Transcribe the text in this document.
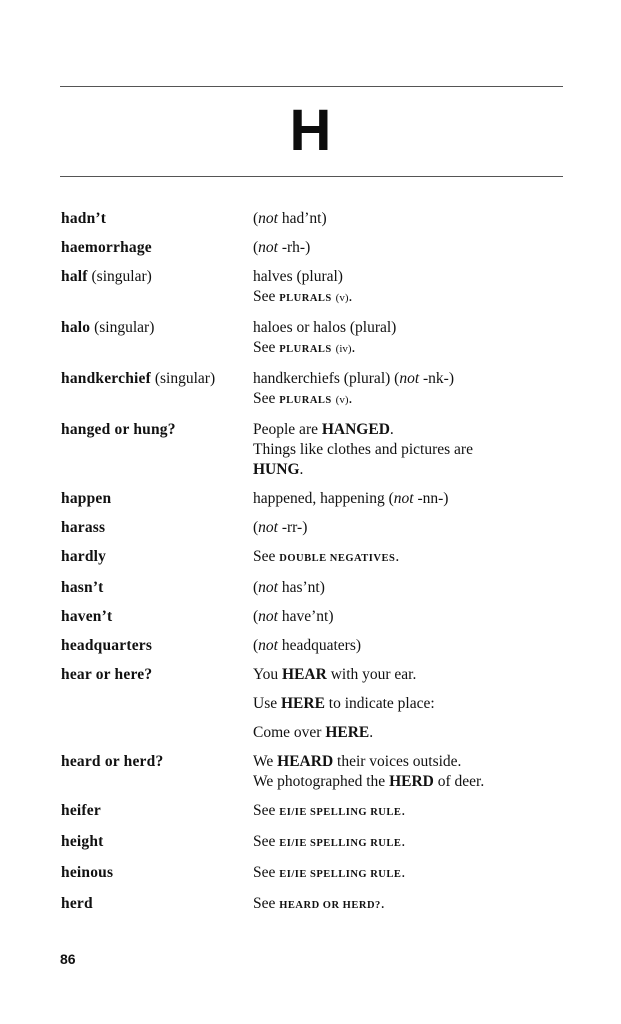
H
hadn’t	(not had’nt)
haemorrhage	(not -rh-)
half (singular)	halves (plural)
See PLURALS (v).
halo (singular)	haloes or halos (plural)
See PLURALS (iv).
handkerchief (singular)	handkerchiefs (plural) (not -nk-)
See PLURALS (v).
hanged or hung?	People are HANGED.
Things like clothes and pictures are
HUNG.
happen	happened, happening (not -nn-)
harass	(not -rr-)
hardly	See DOUBLE NEGATIVES.
hasn’t	(not has’nt)
haven’t	(not have’nt)
headquarters	(not headquaters)
hear or here?	You HEAR with your ear.
Use HERE to indicate place:
Come over HERE.
heard or herd?	We HEARD their voices outside.
We photographed the HERD of deer.
heifer	See EI/IE SPELLING RULE.
height	See EI/IE SPELLING RULE.
heinous	See EI/IE SPELLING RULE.
herd	See HEARD OR HERD?.
86
